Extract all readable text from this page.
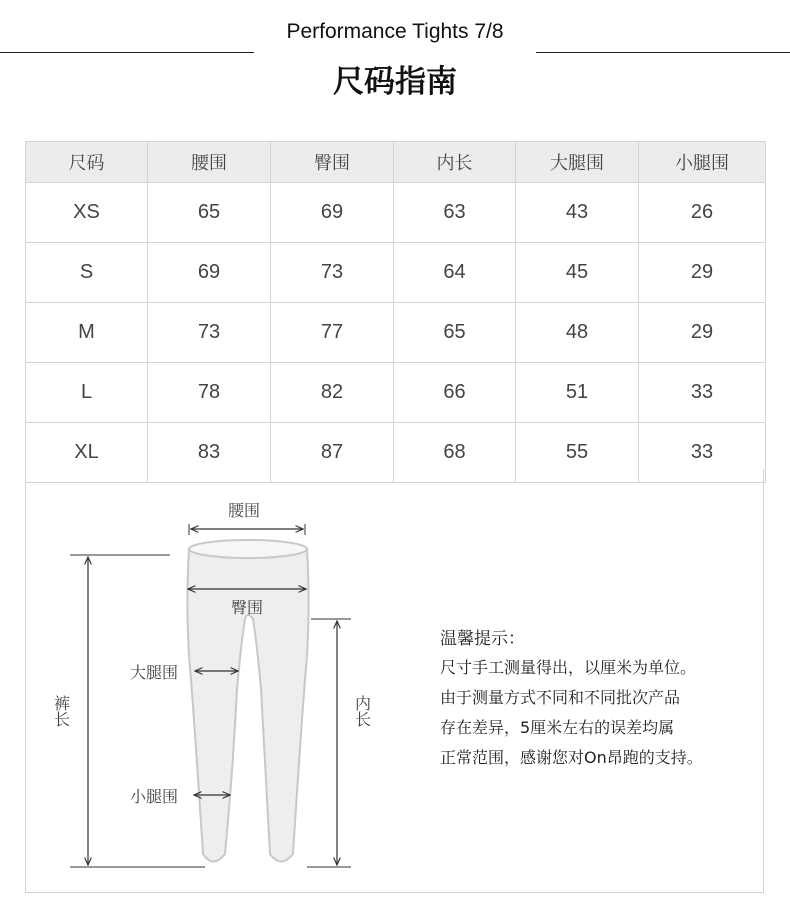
Performance Tights 7/8
尺码指南
尺码	腰围	臀围	内长	大腿围	小腿围
XS	65	69	63	43	26
S	69	73	64	45	29
M	73	77	65	48	29
L	78	82	66	51	33
XL	83	87	68	55	33
腰围
臀围
大腿围
小腿围
裤长	内长
温馨提示：
尺寸手工测量得出，以厘米为单位。
由于测量方式不同和不同批次产品
存在差异，5厘米左右的误差均属
正常范围，感谢您对On昂跑的支持。
